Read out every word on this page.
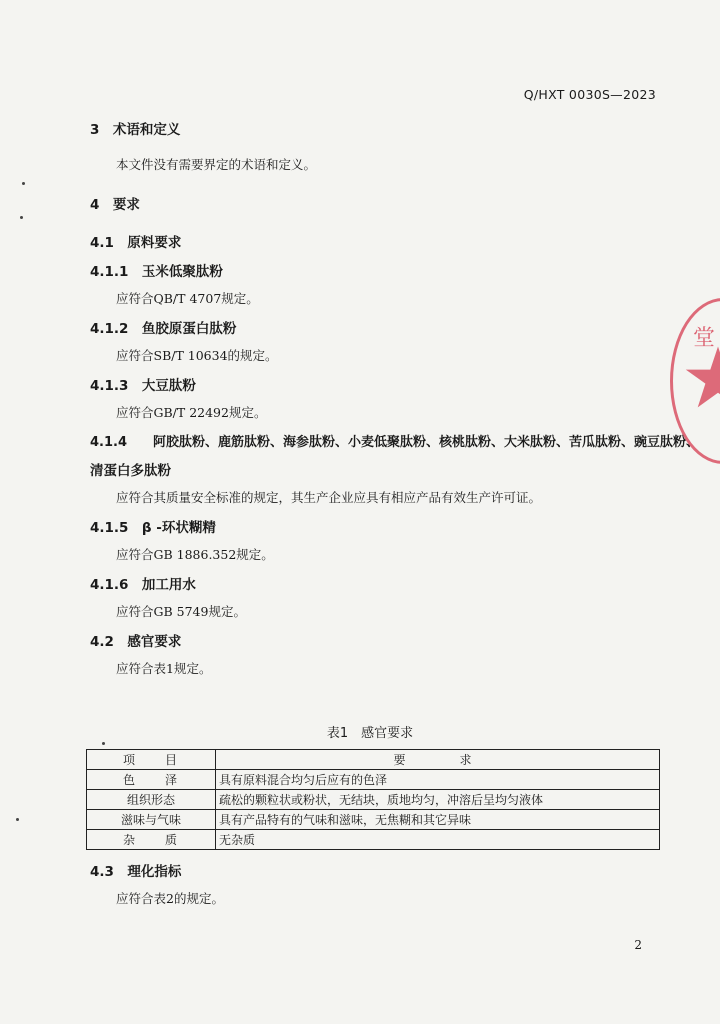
Q/HXT 0030S—2023
3　术语和定义
本文件没有需要界定的术语和定义。
4　要求
4.1　原料要求
4.1.1　玉米低聚肽粉
应符合QB/T 4707规定。
4.1.2　鱼胶原蛋白肽粉
应符合SB/T 10634的规定。
4.1.3　大豆肽粉
应符合GB/T 22492规定。
4.1.4　　阿胶肽粉、鹿筋肽粉、海参肽粉、小麦低聚肽粉、核桃肽粉、大米肽粉、苦瓜肽粉、豌豆肽粉、
清蛋白多肽粉
应符合其质量安全标准的规定，其生产企业应具有相应产品有效生产许可证。
4.1.5　β -环状糊精
应符合GB 1886.352规定。
4.1.6　加工用水
应符合GB 5749规定。
4.2　感官要求
应符合表1规定。
表1　感官要求
项　　目	要　　求
色　　泽	具有原料混合均匀后应有的色泽
组织形态	疏松的颗粒状或粉状，无结块，质地均匀，冲溶后呈均匀液体
滋味与气味	具有产品特有的气味和滋味，无焦糊和其它异味
杂　　质	无杂质
4.3　理化指标
应符合表2的规定。
2
堂
